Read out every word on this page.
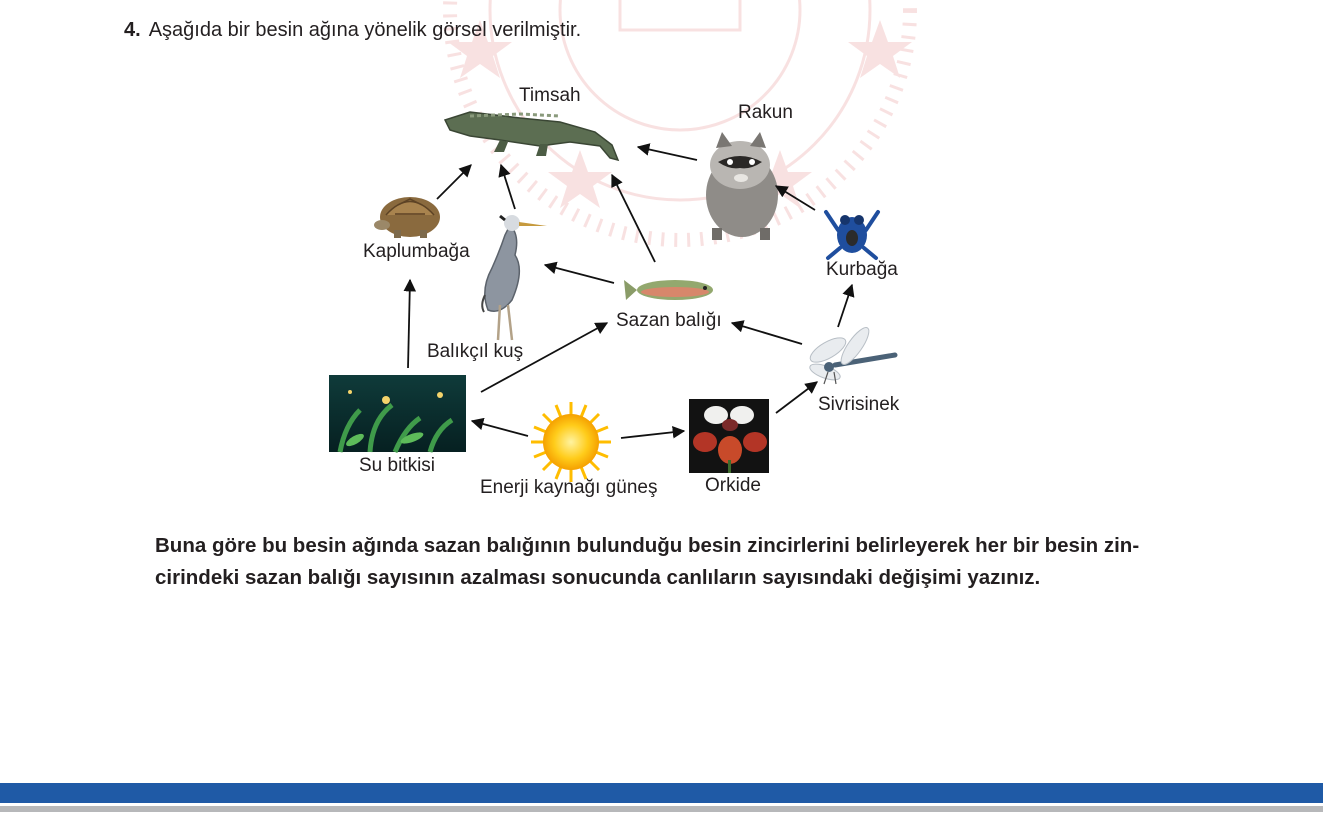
4. Aşağıda bir besin ağına yönelik görsel verilmiştir.
Timsah
Rakun
Kaplumbağa
Kurbağa
Sazan balığı
Balıkçıl kuş
Sivrisinek
Su bitkisi
Enerji kaynağı güneş	Orkide

Buna göre bu besin ağında sazan balığının bulunduğu besin zincirlerini belirleyerek her bir besin zin-

cirindeki sazan balığı sayısının azalması sonucunda canlıların sayısındaki değişimi yazınız.
